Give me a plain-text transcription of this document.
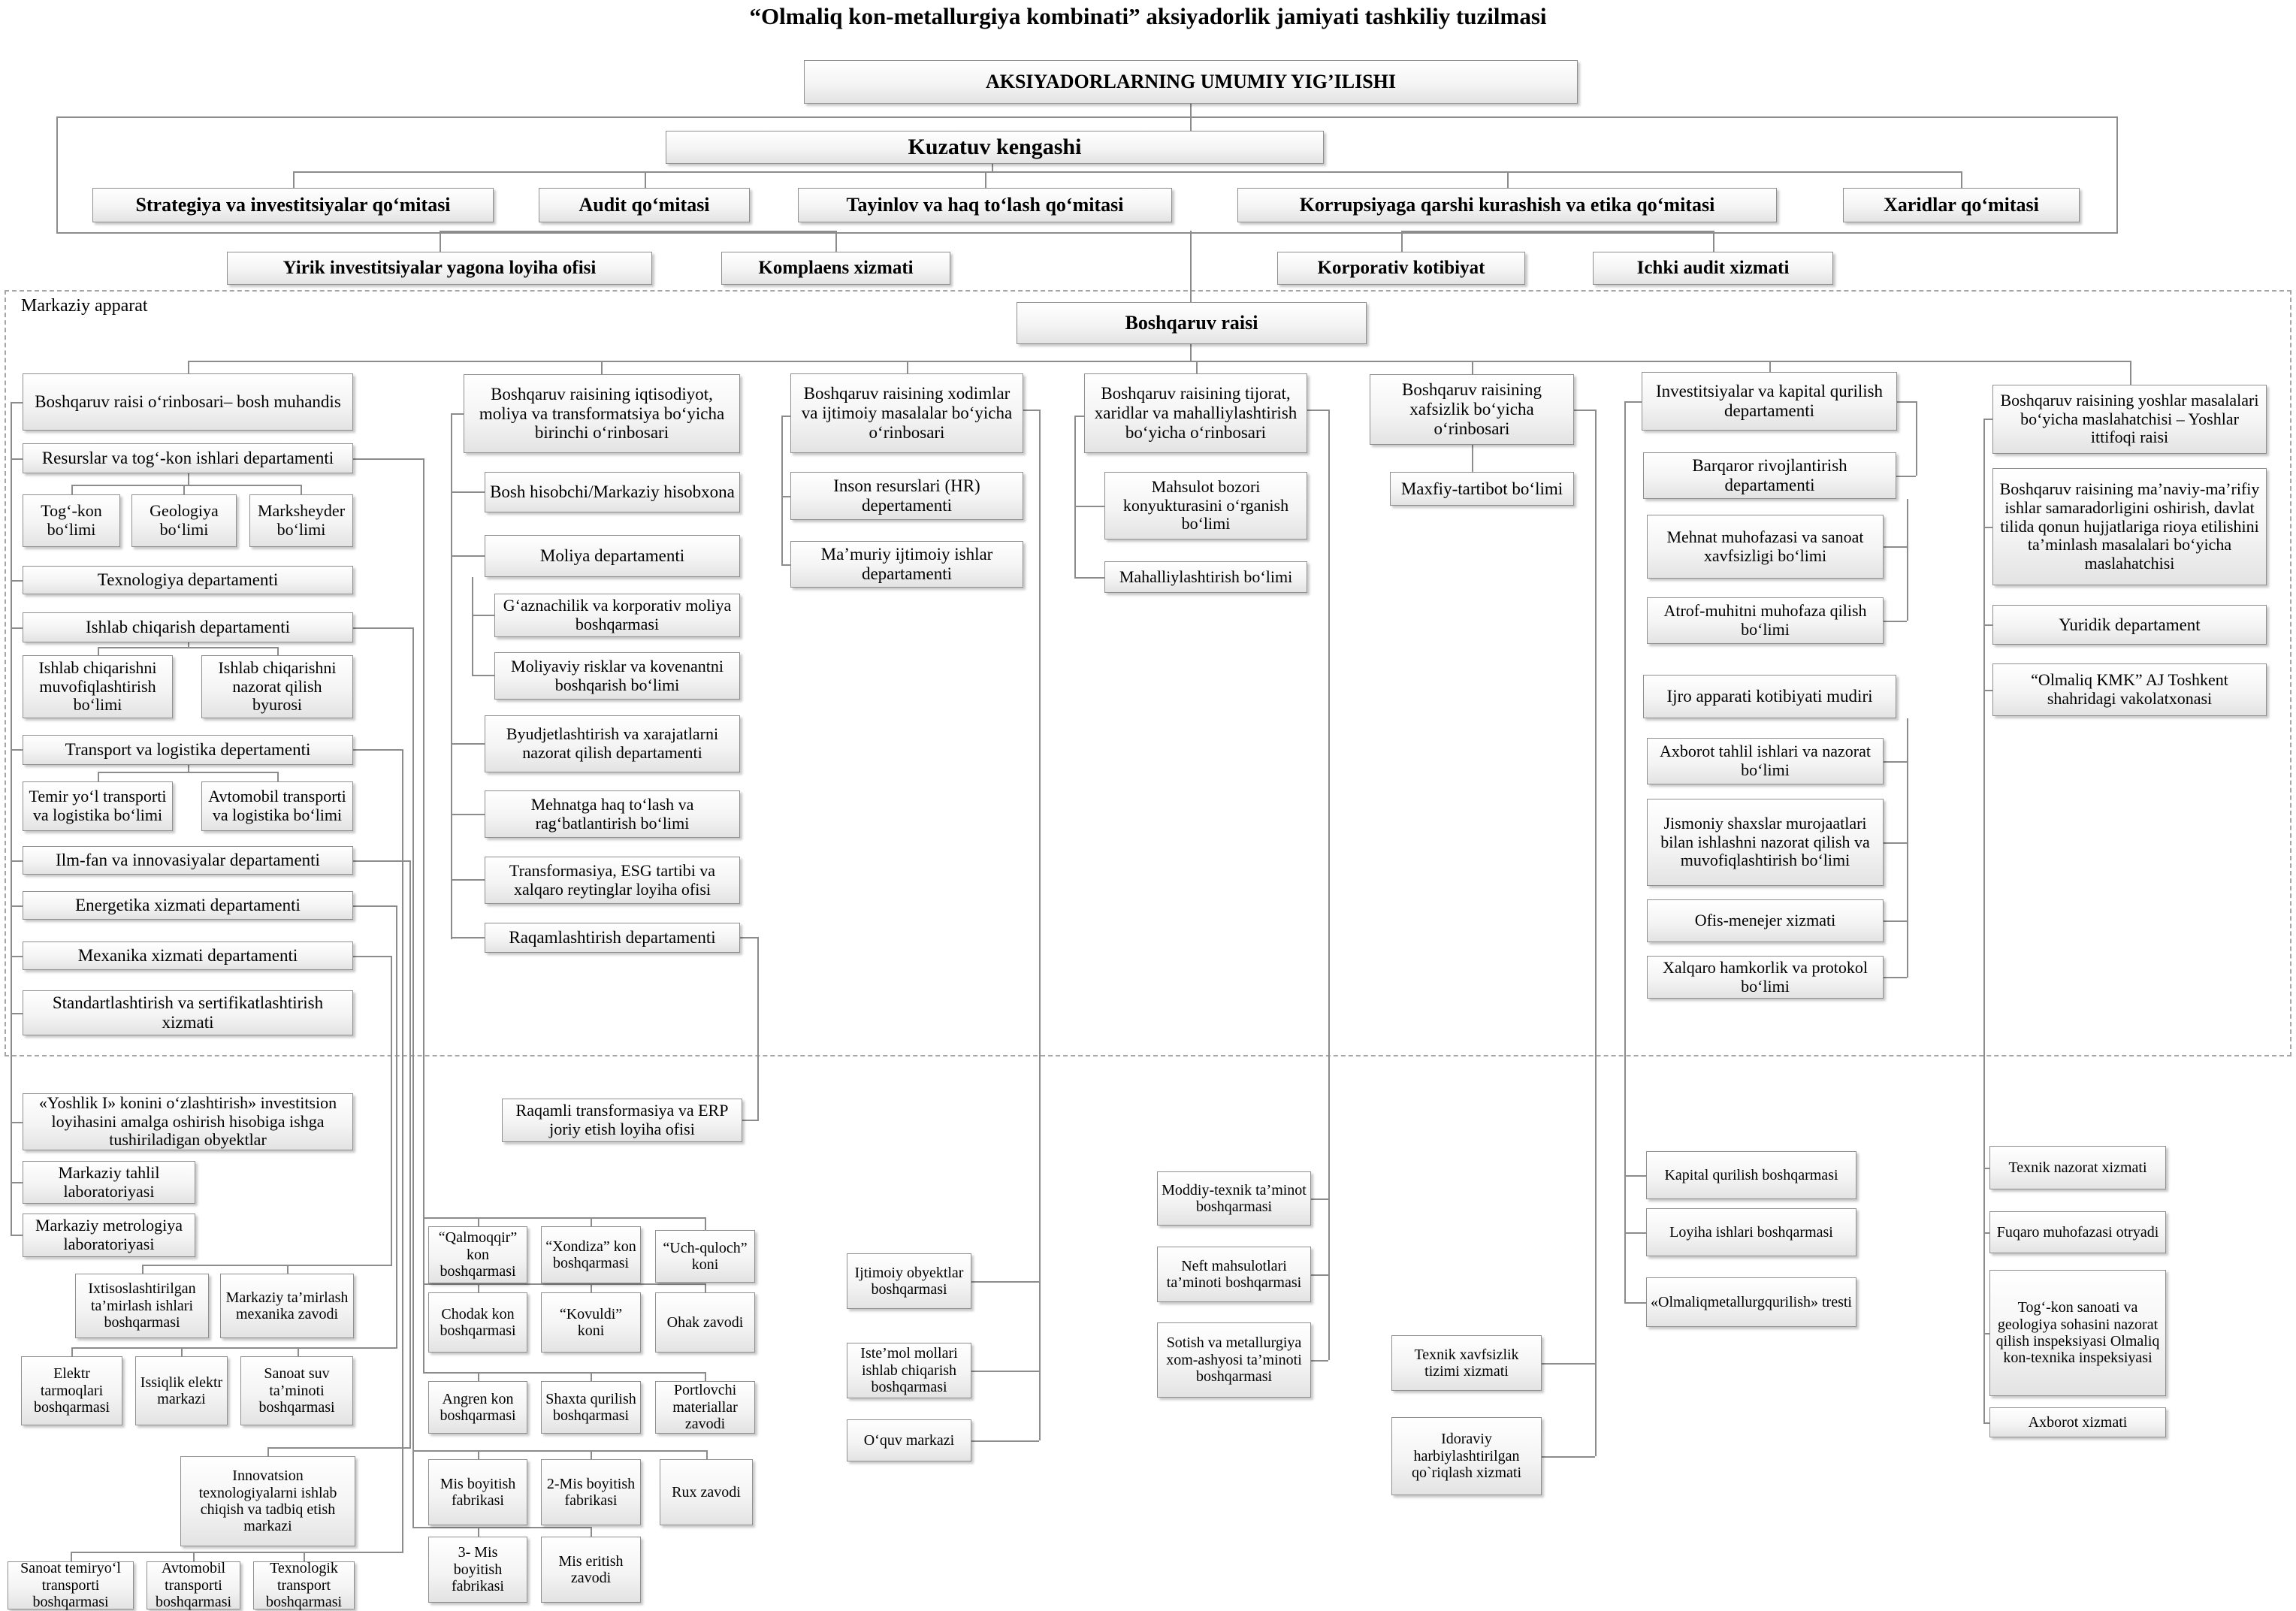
“Olmaliq kon-metallurgiya kombinati” aksiyadorlik jamiyati tashkiliy tuzilmasi
Markaziy apparat
AKSIYADORLARNING UMUMIY YIG’ILISHI
Kuzatuv kengashi
Strategiya va investitsiyalar qo‘mitasi	Audit qo‘mitasi	Tayinlov va haq to‘lash qo‘mitasi	Korrupsiyaga qarshi kurashish va etika qo‘mitasi	Xaridlar qo‘mitasi
Yirik investitsiyalar yagona loyiha ofisi	Komplaens xizmati	Korporativ kotibiyat	Ichki audit xizmati
Boshqaruv raisi
Boshqaruv raisi o‘rinbosari– bosh muhandis
Resurslar va tog‘-kon ishlari departamenti
Tog‘-kon bo‘limi
Geologiya bo‘limi
Marksheyder bo‘limi
Texnologiya departamenti
Ishlab chiqarish departamenti
Ishlab chiqarishni muvofiqlashtirish bo‘limi
Ishlab chiqarishni nazorat qilish byurosi
Transport va logistika depertamenti
Temir yo‘l transporti va logistika bo‘limi
Avtomobil transporti va logistika bo‘limi
Ilm-fan va innovasiyalar departamenti
Energetika xizmati departamenti
Mexanika xizmati departamenti
Standartlashtirish va sertifikatlashtirish xizmati
«Yoshlik I» konini o‘zlashtirish» investitsion loyihasini amalga oshirish hisobiga ishga tushiriladigan obyektlar
Markaziy tahlil laboratoriyasi
Markaziy metrologiya laboratoriyasi
Ixtisoslashtirilgan ta’mirlash ishlari boshqarmasi
Markaziy ta’mirlash mexanika zavodi
Elektr tarmoqlari boshqarmasi
Issiqlik elektr markazi
Sanoat suv ta’minoti boshqarmasi
Innovatsion texnologiyalarni ishlab chiqish va tadbiq etish markazi
Sanoat temiryo‘l transporti boshqarmasi
Avtomobil transporti boshqarmasi
Texnologik transport boshqarmasi
Boshqaruv raisining iqtisodiyot, moliya va transformatsiya bo‘yicha birinchi o‘rinbosari
Bosh hisobchi/Markaziy hisobxona
Moliya departamenti
G‘aznachilik va korporativ moliya boshqarmasi
Moliyaviy risklar va kovenantni boshqarish bo‘limi
Byudjetlashtirish va xarajatlarni nazorat qilish departamenti
Mehnatga haq to‘lash va rag‘batlantirish bo‘limi
Transformasiya, ESG tartibi va xalqaro reytinglar loyiha ofisi
Raqamlashtirish departamenti
Raqamli transformasiya va ERP joriy etish loyiha ofisi
“Qalmoqqir” kon boshqarmasi
“Xondiza” kon boshqarmasi
“Uch-quloch” koni
Chodak kon boshqarmasi
“Kovuldi” koni
Ohak zavodi
Angren kon boshqarmasi
Shaxta qurilish boshqarmasi
Portlovchi materiallar zavodi
Mis boyitish fabrikasi
2-Mis boyitish fabrikasi
Rux zavodi
3- Mis boyitish fabrikasi
Mis eritish zavodi
Boshqaruv raisining xodimlar va ijtimoiy masalalar bo‘yicha o‘rinbosari
Inson resurslari (HR) depertamenti
Ma’muriy ijtimoiy ishlar departamenti
Ijtimoiy obyektlar boshqarmasi
Iste’mol mollari ishlab chiqarish boshqarmasi
O‘quv markazi
Boshqaruv raisining tijorat, xaridlar va mahalliylashtirish bo‘yicha o‘rinbosari
Mahsulot bozori konyukturasini o‘rganish bo‘limi
Mahalliylashtirish bo‘limi
Moddiy-texnik ta’minot boshqarmasi
Neft mahsulotlari ta’minoti boshqarmasi
Sotish va metallurgiya xom-ashyosi ta’minoti boshqarmasi
Boshqaruv raisining xafsizlik bo‘yicha o‘rinbosari
Maxfiy-tartibot bo‘limi
Texnik xavfsizlik tizimi xizmati
Idoraviy harbiylashtirilgan qo`riqlash xizmati
Investitsiyalar va kapital qurilish departamenti
Barqaror rivojlantirish departamenti
Mehnat muhofazasi va sanoat xavfsizligi bo‘limi
Atrof-muhitni muhofaza qilish bo‘limi
Ijro apparati kotibiyati mudiri
Axborot tahlil ishlari va nazorat bo‘limi
Jismoniy shaxslar murojaatlari bilan ishlashni nazorat qilish va muvofiqlashtirish bo‘limi
Ofis-menejer xizmati
Xalqaro hamkorlik va protokol bo‘limi
Kapital qurilish boshqarmasi
Loyiha ishlari boshqarmasi
«Olmaliqmetallurgqurilish» tresti
Boshqaruv raisining yoshlar masalalari bo‘yicha maslahatchisi – Yoshlar ittifoqi raisi
Boshqaruv raisining ma’naviy-ma’rifiy ishlar samaradorligini oshirish, davlat tilida qonun hujjatlariga rioya etilishini ta’minlash masalalari bo‘yicha maslahatchisi
Yuridik departament
“Olmaliq KMK” AJ Toshkent shahridagi vakolatxonasi
Texnik nazorat xizmati
Fuqaro muhofazasi otryadi
Tog‘-kon sanoati va geologiya sohasini nazorat qilish inspeksiyasi Olmaliq kon-texnika inspeksiyasi
Axborot xizmati
